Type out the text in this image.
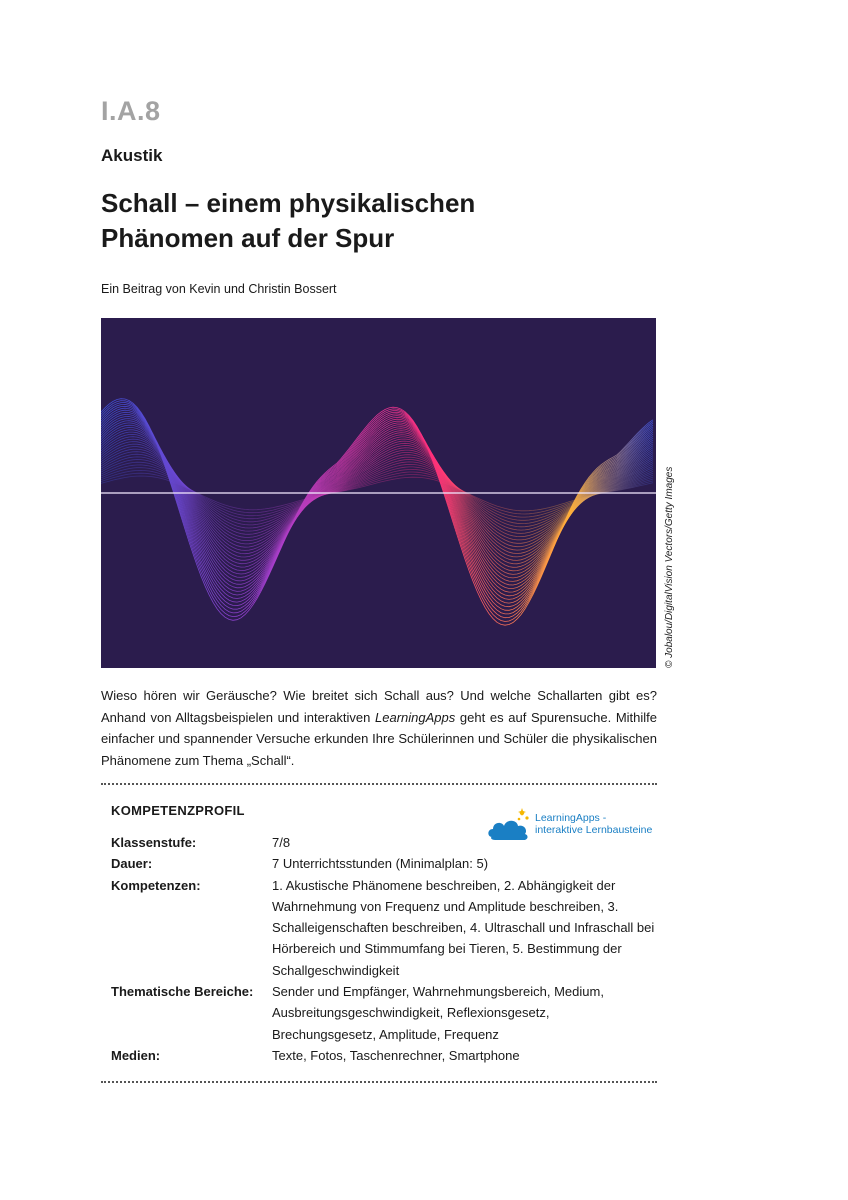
I.A.8
Akustik
Schall – einem physikalischen
Phänomen auf der Spur
Ein Beitrag von Kevin und Christin Bossert
© Jobalou/DigitalVision Vectors/Getty Images
Wieso hören wir Geräusche? Wie breitet sich Schall aus? Und welche Schallarten gibt es? Anhand von Alltagsbeispielen und interaktiven LearningApps geht es auf Spurensuche. Mithilfe einfacher und spannender Versuche erkunden Ihre Schülerinnen und Schüler die physikalischen Phänomene zum Thema „Schall“.
KOMPETENZPROFIL	LearningApps -
interaktive Lernbausteine
Klassenstufe:	7/8
Dauer:	7 Unterrichtsstunden (Minimalplan: 5)
Kompetenzen:	1. Akustische Phänomene beschreiben, 2. Abhängigkeit der Wahrnehmung von Frequenz und Amplitude beschreiben, 3. Schalleigenschaften beschreiben, 4. Ultraschall und Infraschall bei Hörbereich und Stimmumfang bei Tieren, 5. Bestimmung der Schallgeschwindigkeit
Thematische Bereiche:	Sender und Empfänger, Wahrnehmungsbereich, Medium, Ausbreitungsgeschwindigkeit, Reflexionsgesetz, Brechungsgesetz, Amplitude, Frequenz
Medien:	Texte, Fotos, Taschenrechner, Smartphone
